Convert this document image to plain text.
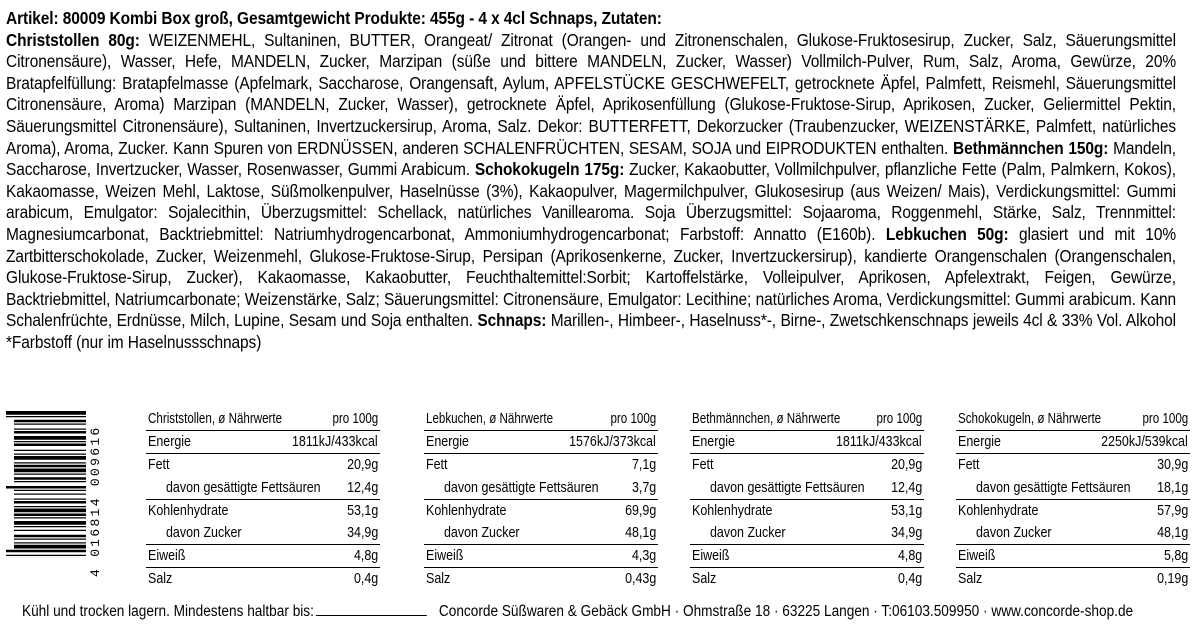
Artikel: 80009 Kombi Box groß, Gesamtgewicht Produkte: 455g - 4 x 4cl Schnaps, Zutaten:
Christstollen 80g: WEIZENMEHL, Sultaninen, BUTTER, Orangeat/ Zitronat (Orangen- und Zitronenschalen, Glukose-Fruktosesirup, Zucker, Salz, Säuerungsmittel Citronensäure), Wasser, Hefe, MANDELN, Zucker, Marzipan (süße und bittere MANDELN, Zucker, Wasser) Vollmilch-Pulver, Rum, Salz, Aroma, Gewürze, 20% Bratapfelfüllung: Bratapfelmasse (Apfelmark, Saccharose, Orangensaft, Aylum, APFELSTÜCKE GESCHWEFELT, getrocknete Äpfel, Palmfett, Reismehl, Säuerungsmittel Citronensäure, Aroma) Marzipan (MANDELN, Zucker, Wasser), getrocknete Äpfel, Aprikosenfüllung (Glukose-Fruktose-Sirup, Aprikosen, Zucker, Geliermittel Pektin, Säuerungsmittel Citronensäure), Sultaninen, Invertzuckersirup, Aroma, Salz. Dekor: BUTTERFETT, Dekorzucker (Traubenzucker, WEIZENSTÄRKE, Palmfett, natürliches Aroma), Aroma, Zucker. Kann Spuren von ERDNÜSSEN, anderen SCHALENFRÜCHTEN, SESAM, SOJA und EIPRODUKTEN enthalten. Bethmännchen 150g: Mandeln, Saccharose, Invertzucker, Wasser, Rosenwasser, Gummi Arabicum. Schokokugeln 175g: Zucker, Kakaobutter, Vollmilchpulver, pflanzliche Fette (Palm, Palmkern, Kokos), Kakaomasse, Weizen Mehl, Laktose, Süßmolkenpulver, Haselnüsse (3%), Kakaopulver, Magermilchpulver, Glukosesirup (aus Weizen/ Mais), Verdickungsmittel: Gummi arabicum, Emulgator: Sojalecithin, Überzugsmittel: Schellack, natürliches Vanillearoma. Soja Überzugsmittel: Sojaaroma, Roggenmehl, Stärke, Salz, Trennmittel: Magnesiumcarbonat, Backtriebmittel: Natriumhydrogencarbonat, Ammoniumhydrogencarbonat; Farbstoff: Annatto (E160b). Lebkuchen 50g: glasiert und mit 10% Zartbitterschokolade, Zucker, Weizenmehl, Glukose-Fruktose-Sirup, Persipan (Aprikosenkerne, Zucker, Invertzuckersirup), kandierte Orangenschalen (Orangenschalen, Glukose-Fruktose-Sirup, Zucker), Kakaomasse, Kakaobutter, Feuchthaltemittel:Sorbit; Kartoffelstärke, Volleipulver, Aprikosen, Apfelextrakt, Feigen, Gewürze, Backtriebmittel, Natriumcarbonate; Weizenstärke, Salz; Säuerungsmittel: Citronensäure, Emulgator: Lecithine; natürliches Aroma, Verdickungsmittel: Gummi arabicum. Kann Schalenfrüchte, Erdnüsse, Milch, Lupine, Sesam und Soja enthalten. Schnaps: Marillen-, Himbeer-, Haselnuss*-, Birne-, Zwetschkenschnaps jeweils 4cl & 33% Vol. Alkohol *Farbstoff (nur im Haselnussschnaps)
4 016814 009616
Christstollen, ø Nährwerte	pro 100g
Energie	1811kJ/433kcal
Fett	20,9g
davon gesättigte Fettsäuren 12,4g
Kohlenhydrate	53,1g
davon Zucker	34,9g
Eiweiß	4,8g
Salz	0,4g
Lebkuchen, ø Nährwerte	pro 100g
Energie	1576kJ/373kcal
Fett	7,1g
davon gesättigte Fettsäuren 3,7g
Kohlenhydrate	69,9g
davon Zucker	48,1g
Eiweiß	4,3g
Salz	0,43g
Bethmännchen, ø Nährwerte pro 100g
Energie	1811kJ/433kcal
Fett	20,9g
davon gesättigte Fettsäuren 12,4g
Kohlenhydrate	53,1g
davon Zucker	34,9g
Eiweiß	4,8g
Salz	0,4g
Schokokugeln, ø Nährwerte	pro 100g
Energie	2250kJ/539kcal
Fett	30,9g
davon gesättigte Fettsäuren 18,1g
Kohlenhydrate	57,9g
davon Zucker	48,1g
Eiweiß	5,8g
Salz	0,19g
Kühl und trocken lagern. Mindestens haltbar bis:	Concorde Süßwaren & Gebäck GmbH · Ohmstraße 18 · 63225 Langen · T:06103.509950 · www.concorde-shop.de
